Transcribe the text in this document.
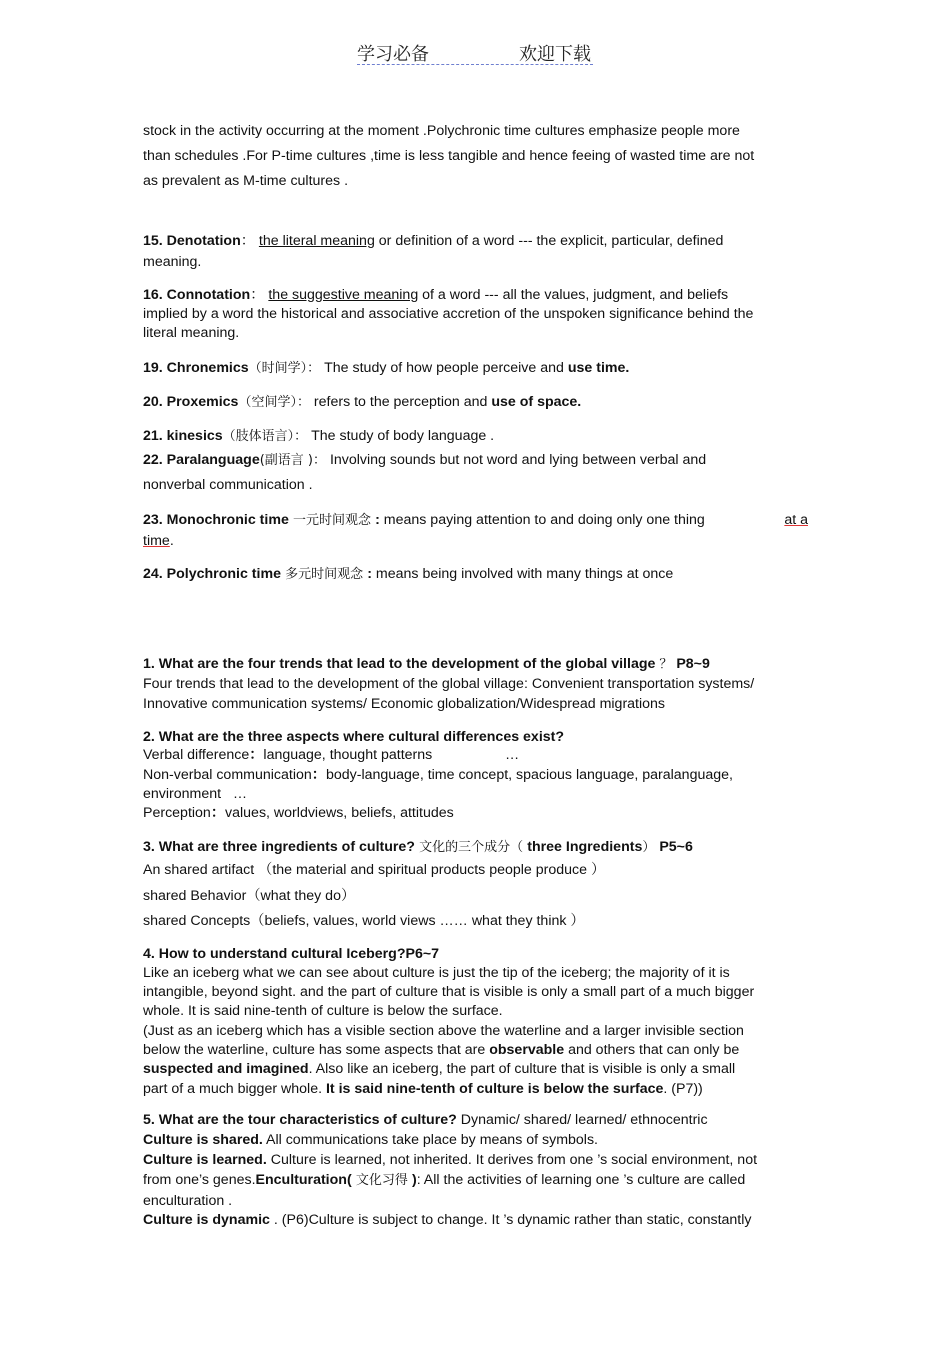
学习必备	欢迎下载
stock in the activity occurring at the moment .Polychronic time cultures emphasize people more
than schedules .For P-time cultures ,time is less tangible and hence feeing of wasted time are not
as prevalent as M-time cultures .
15. Denotation： the literal meaning or definition of a word --- the explicit, particular, defined
meaning.
16. Connotation： the suggestive meaning of a word --- all the values, judgment, and beliefs
implied by a word the historical and associative accretion of the unspoken significance behind the
literal meaning.
19. Chronemics（时间学）： The study of how people perceive and use time.
20. Proxemics（空间学）： refers to the perception and use of space.
21. kinesics（肢体语言）： The study of body language .
22. Paralanguage(副语言 )： Involving sounds but not word and lying between verbal and
nonverbal communication .
23. Monochronic time 一元时间观念 : means paying attention to and doing only one thing	at a
time.
24. Polychronic time 多元时间观念 : means being involved with many things at once
1. What are the four trends that lead to the development of the global village ？ P8~9
Four trends that lead to the development of the global village: Convenient transportation systems/
Innovative communication systems/ Economic globalization/Widespread migrations
2. What are the three aspects where cultural differences exist?
Verbal difference：language, thought patterns	…
Non-verbal communication：body-language, time concept, spacious language, paralanguage,
environment …
Perception：values, worldviews, beliefs, attitudes
3. What are three ingredients of culture? 文化的三个成分（ three Ingredients） P5~6
An shared artifact （the material and spiritual products people produce ）
shared Behavior（what they do）
shared Concepts（beliefs, values, world views …… what they think ）
4. How to understand cultural Iceberg?P6~7
Like an iceberg what we can see about culture is just the tip of the iceberg; the majority of it is
intangible, beyond sight. and the part of culture that is visible is only a small part of a much bigger
whole. It is said nine-tenth of culture is below the surface.
(Just as an iceberg which has a visible section above the waterline and a larger invisible section
below the waterline, culture has some aspects that are observable and others that can only be
suspected and imagined. Also like an iceberg, the part of culture that is visible is only a small
part of a much bigger whole. It is said nine-tenth of culture is below the surface. (P7))
5. What are the tour characteristics of culture? Dynamic/ shared/ learned/ ethnocentric
Culture is shared. All communications take place by means of symbols.
Culture is learned. Culture is learned, not inherited. It derives from one ’s social environment, not
from one’s genes.Enculturation( 文化习得 ): All the activities of learning one ’s culture are called
enculturation .
Culture is dynamic . (P6)Culture is subject to change. It ’s dynamic rather than static, constantly
